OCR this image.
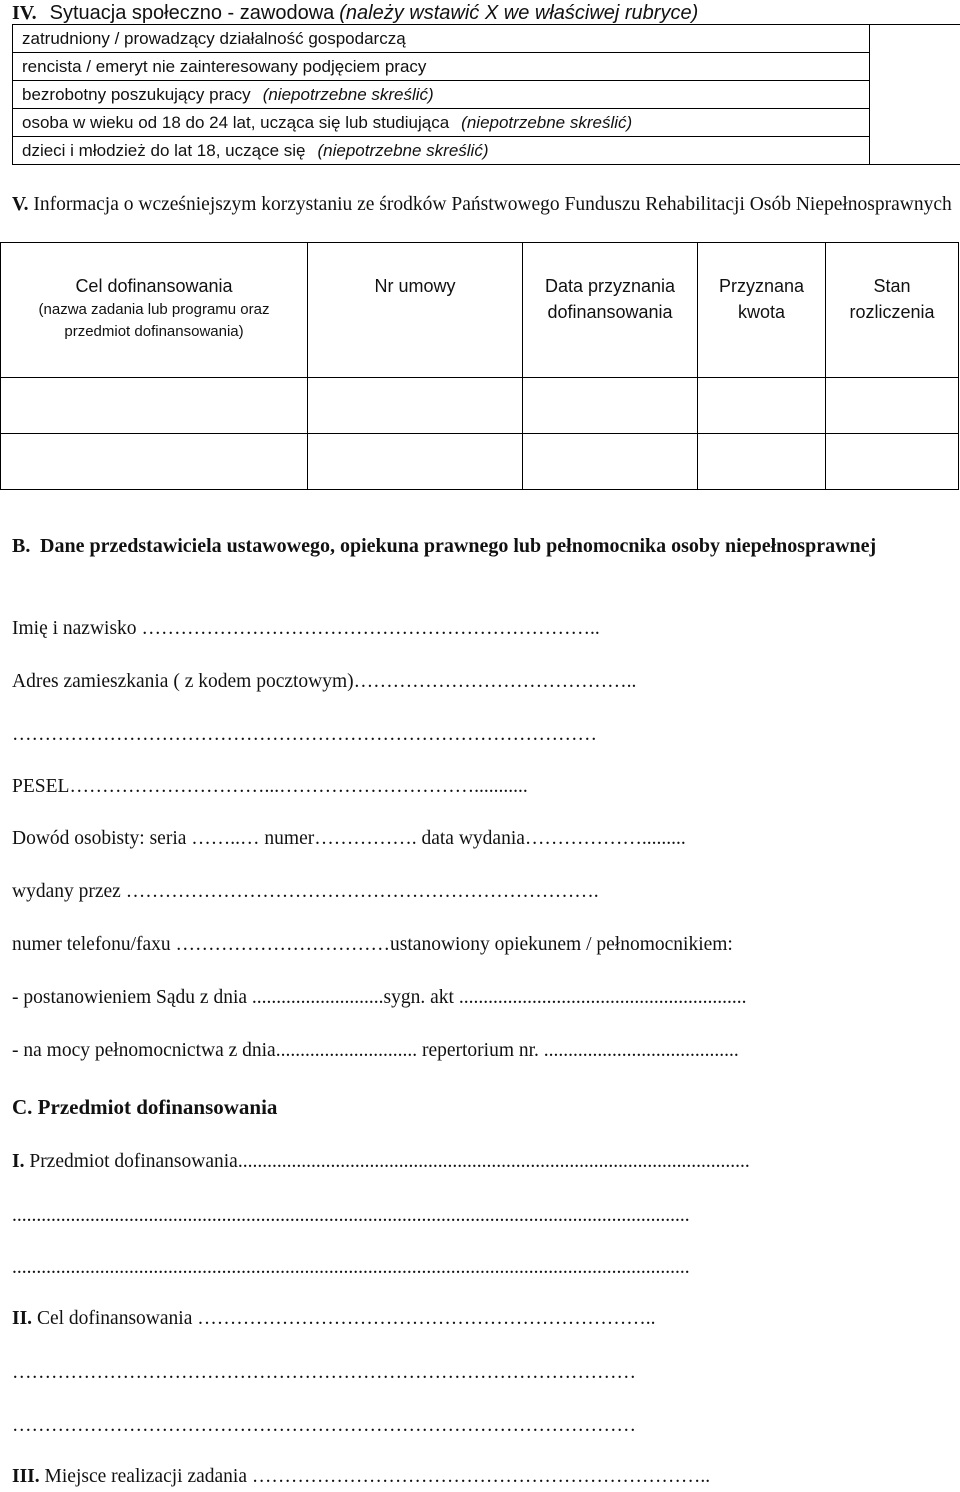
IV. Sytuacja społeczno - zawodowa (należy wstawić X we właściwej rubryce)
zatrudniony / prowadzący działalność gospodarczą	
rencista / emeryt nie zainteresowany podjęciem pracy
bezrobotny poszukujący pracy (niepotrzebne skreślić)
osoba w wieku od 18 do 24 lat, ucząca się lub studiująca (niepotrzebne skreślić)
dzieci i młodzież do lat 18, uczące się (niepotrzebne skreślić)
V. Informacja o wcześniejszym korzystaniu ze środków Państwowego Funduszu Rehabilitacji Osób Niepełnosprawnych
Cel dofinansowania
(nazwa zadania lub programu oraz przedmiot dofinansowania)	Nr umowy	Data przyznania dofinansowania	Przyznana kwota	Stan rozliczenia

B. Dane przedstawiciela ustawowego, opiekuna prawnego lub pełnomocnika osoby niepełnosprawnej
Imię i nazwisko ……………………………………………………………..
Adres zamieszkania ( z kodem pocztowym)……………………………………..
………………………………………………………………………………
PESEL…………………………...…………………………...........
Dowód osobisty: seria ……..… numer……………. data wydania……………….........
wydany przez ……………………………………………………………….
numer telefonu/faxu ……………………………ustanowiony opiekunem / pełnomocnikiem:
- postanowieniem Sądu z dnia ...........................sygn. akt ...........................................................
- na mocy pełnomocnictwa z dnia............................. repertorium nr. ........................................
C. Przedmiot dofinansowania
I. Przedmiot dofinansowania.........................................................................................................
...........................................................................................................................................
...........................................................................................................................................
II. Cel dofinansowania ……………………………………………………………..
……………………………………………………………………………………
……………………………………………………………………………………
III. Miejsce realizacji zadania ……………………………………………………………..
